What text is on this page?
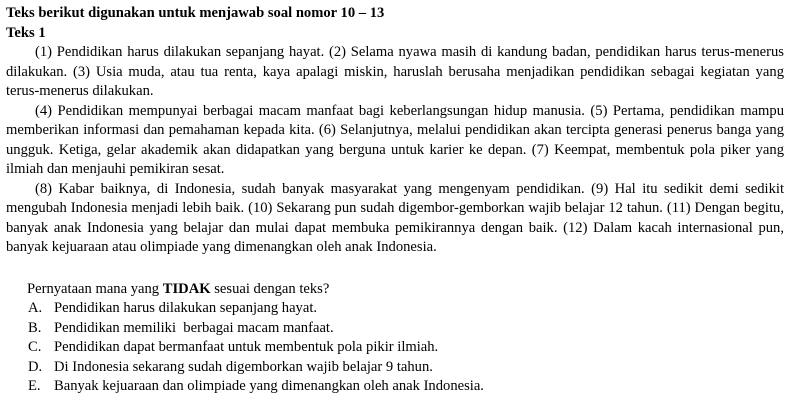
Teks berikut digunakan untuk menjawab soal nomor 10 – 13
Teks 1

(1) Pendidikan harus dilakukan sepanjang hayat. (2) Selama nyawa masih di kandung badan, pendidikan harus terus-menerus dilakukan. (3) Usia muda, atau tua renta, kaya apalagi miskin, haruslah berusaha menjadikan pendidikan sebagai kegiatan yang terus-menerus dilakukan.

(4) Pendidikan mempunyai berbagai macam manfaat bagi keberlangsungan hidup manusia. (5) Pertama, pendidikan mampu memberikan informasi dan pemahaman kepada kita. (6) Selanjutnya, melalui pendidikan akan tercipta generasi penerus banga yang ungguk. Ketiga, gelar akademik akan didapatkan yang berguna untuk karier ke depan. (7) Keempat, membentuk pola piker yang ilmiah dan menjauhi pemikiran sesat.

(8) Kabar baiknya, di Indonesia, sudah banyak masyarakat yang mengenyam pendidikan. (9) Hal itu sedikit demi sedikit mengubah Indonesia menjadi lebih baik. (10) Sekarang pun sudah digembor-gemborkan wajib belajar 12 tahun. (11) Dengan begitu, banyak anak Indonesia yang belajar dan mulai dapat membuka pemikirannya dengan baik. (12) Dalam kacah internasional pun, banyak kejuaraan atau olimpiade yang dimenangkan oleh anak Indonesia.

Pernyataan mana yang TIDAK sesuai dengan teks?
A. Pendidikan harus dilakukan sepanjang hayat.
B. Pendidikan memiliki  berbagai macam manfaat.
C. Pendidikan dapat bermanfaat untuk membentuk pola pikir ilmiah.
D. Di Indonesia sekarang sudah digemborkan wajib belajar 9 tahun.
E. Banyak kejuaraan dan olimpiade yang dimenangkan oleh anak Indonesia.
